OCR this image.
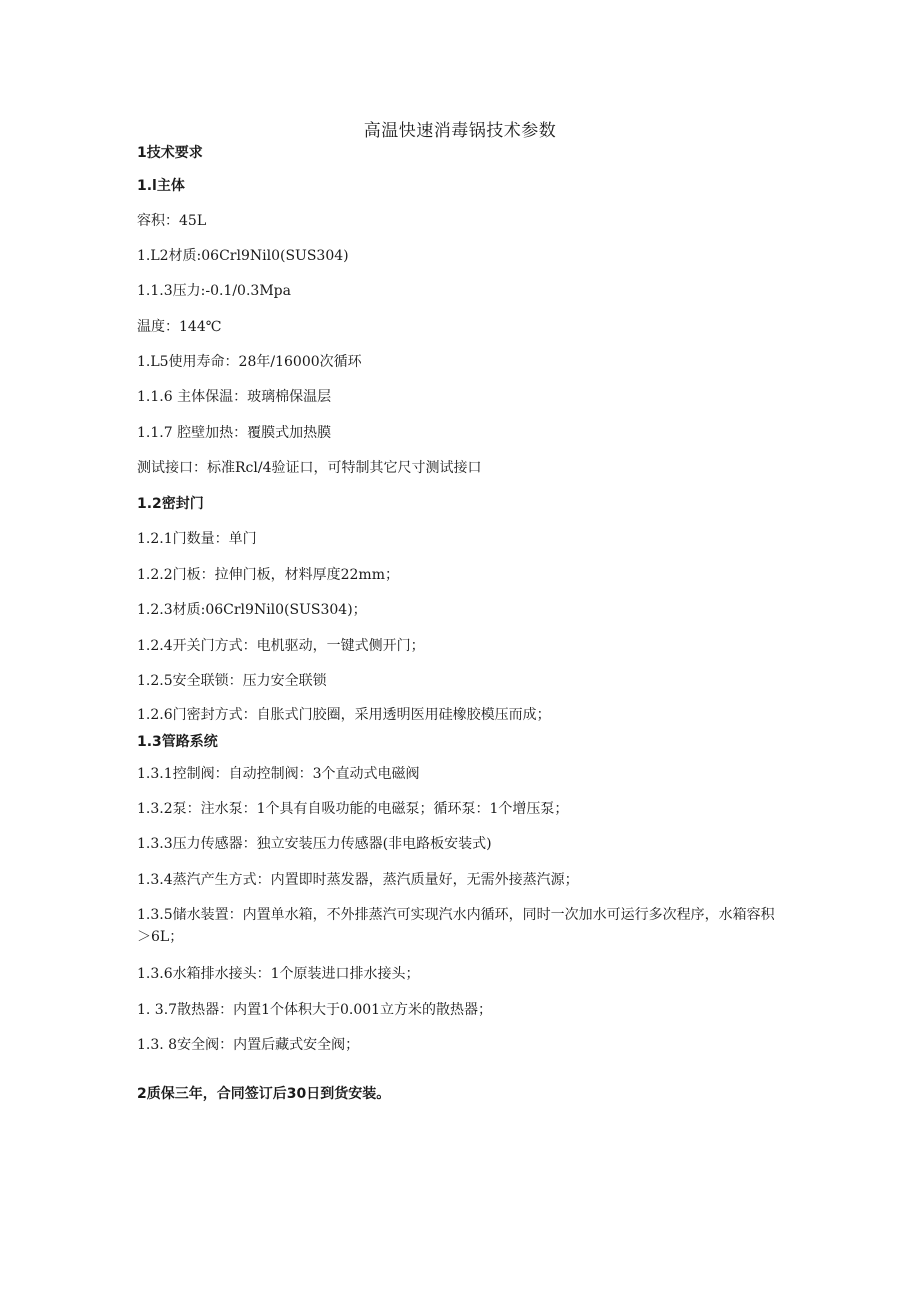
高温快速消毒锅技术参数
1技术要求
1.l主体
容积：45L
1.L2材质:06Crl9Nil0(SUS304)
1.1.3压力:-0.1/0.3Mpa
温度：144℃
1.L5使用寿命：28年/16000次循环
1.1.6 主体保温：玻璃棉保温层
1.1.7 腔壁加热：覆膜式加热膜
测试接口：标准Rcl/4验证口，可特制其它尺寸测试接口
1.2密封门
1.2.1门数量：单门
1.2.2门板：拉伸门板，材料厚度22mm；
1.2.3材质:06Crl9Nil0(SUS304)；
1.2.4开关门方式：电机驱动，一键式侧开门；
1.2.5安全联锁：压力安全联锁
1.2.6门密封方式：自胀式门胶圈，采用透明医用硅橡胶模压而成；
1.3管路系统
1.3.1控制阀：自动控制阀：3个直动式电磁阀
1.3.2泵：注水泵：1个具有自吸功能的电磁泵；循环泵：1个增压泵；
1.3.3压力传感器：独立安装压力传感器(非电路板安装式)
1.3.4蒸汽产生方式：内置即时蒸发器，蒸汽质量好，无需外接蒸汽源；
1.3.5储水装置：内置单水箱，不外排蒸汽可实现汽水内循环，同时一次加水可运行多次程序，水箱容积＞6L；
1.3.6水箱排水接头：1个原装进口排水接头；
1. 3.7散热器：内置1个体积大于0.001立方米的散热器；
1.3. 8安全阀：内置后藏式安全阀；
2质保三年，合同签订后30日到货安装。
